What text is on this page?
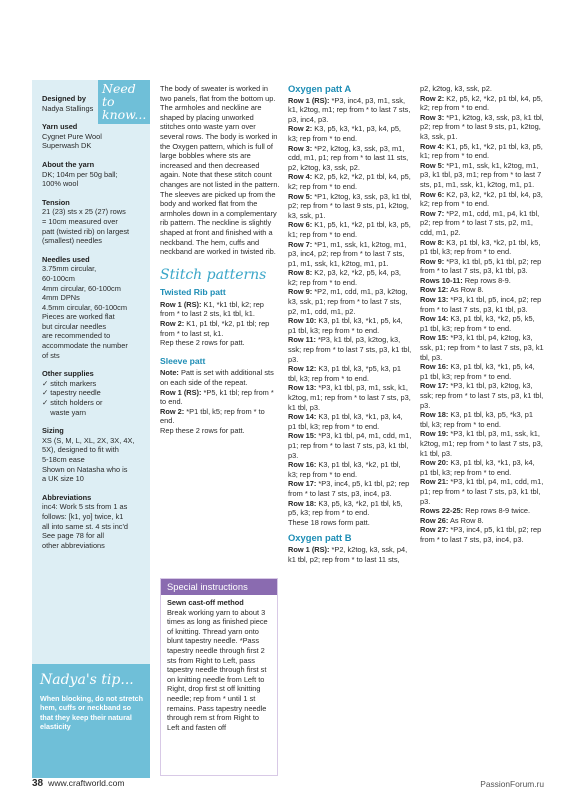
Need to know...
Designed by

Nadya Stallings

Yarn used

Cygnet Pure Wool

Superwash DK

About the yarn

DK; 104m per 50g ball;

100% wool

Tension

21 (23) sts x 25 (27) rows

= 10cm measured over

patt (twisted rib) on largest

(smallest) needles

Needles used

3.75mm circular,

60-100cm

4mm circular, 60-100cm

4mm DPNs

4.5mm circular, 60-100cm

Pieces are worked flat

but circular needles

are recommended to

accommodate the number

of sts

Other supplies

✓ stitch markers

✓ tapestry needle

✓ stitch holders or

waste yarn

Sizing

XS (S, M, L, XL, 2X, 3X, 4X,

5X), designed to fit with

5-18cm ease

Shown on Natasha who is

a UK size 10

Abbreviations

inc4: Work 5 sts from 1 as

follows: [k1, yo] twice, k1

all into same st. 4 sts inc'd

See page 78 for all

other abbreviations

Nadya's tip...
When blocking, do not stretch hem, cuffs or neckband so that they keep their natural elasticity

The body of sweater is worked in two panels, flat from the bottom up. The armholes and neckline are shaped by placing unworked stitches onto waste yarn over several rows. The body is worked in the Oxygen pattern, which is full of large bobbles where sts are increased and then decreased again. Note that these stitch count changes are not listed in the pattern. The sleeves are picked up from the body and worked flat from the armholes down in a complementary rib pattern. The neckline is slightly shaped at front and finished with a neckband. The hem, cuffs and neckband are worked in twisted rib.

Stitch patterns
Twisted Rib patt

Row 1 (RS): K1, *k1 tbl, k2; rep from * to last 2 sts, k1 tbl, k1.

Row 2: K1, p1 tbl, *k2, p1 tbl; rep from * to last st, k1.

Rep these 2 rows for patt.

Sleeve patt

Note: Patt is set with additional sts on each side of the repeat.

Row 1 (RS): *P5, k1 tbl; rep from * to end.

Row 2: *P1 tbl, k5; rep from * to end.

Rep these 2 rows for patt.

Special instructions
Sewn cast-off method
Break working yarn to about 3 times as long as finished piece of knitting. Thread yarn onto blunt tapestry needle. *Pass tapestry needle through first 2 sts from Right to Left, pass tapestry needle through first st on knitting needle from Left to Right, drop first st off knitting needle; rep from * until 1 st remains. Pass tapestry needle through rem st from Right to Left and fasten off
Oxygen patt A

Row 1 (RS): *P3, inc4, p3, m1, ssk, k1, k2tog, m1; rep from * to last 7 sts, p3, inc4, p3.

Row 2: K3, p5, k3, *k1, p3, k4, p5, k3; rep from * to end.

Row 3: *P2, k2tog, k3, ssk, p3, m1, cdd, m1, p1; rep from * to last 11 sts, p2, k2tog, k3, ssk, p2.

Row 4: K2, p5, k2, *k2, p1 tbl, k4, p5, k2; rep from * to end.

Row 5: *P1, k2tog, k3, ssk, p3, k1 tbl, p2; rep from * to last 9 sts, p1, k2tog, k3, ssk, p1.

Row 6: K1, p5, k1, *k2, p1 tbl, k3, p5, k1; rep from * to end.

Row 7: *P1, m1, ssk, k1, k2tog, m1, p3, inc4, p2; rep from * to last 7 sts, p1, m1, ssk, k1, k2tog, m1, p1.

Row 8: K2, p3, k2, *k2, p5, k4, p3, k2; rep from * to end.

Row 9: *P2, m1, cdd, m1, p3, k2tog, k3, ssk, p1; rep from * to last 7 sts, p2, m1, cdd, m1, p2.

Row 10: K3, p1 tbl, k3, *k1, p5, k4, p1 tbl, k3; rep from * to end.

Row 11: *P3, k1 tbl, p3, k2tog, k3, ssk; rep from * to last 7 sts, p3, k1 tbl, p3.

Row 12: K3, p1 tbl, k3, *p5, k3, p1 tbl, k3; rep from * to end.

Row 13: *P3, k1 tbl, p3, m1, ssk, k1, k2tog, m1; rep from * to last 7 sts, p3, k1 tbl, p3.

Row 14: K3, p1 tbl, k3, *k1, p3, k4, p1 tbl, k3; rep from * to end.

Row 15: *P3, k1 tbl, p4, m1, cdd, m1, p1; rep from * to last 7 sts, p3, k1 tbl, p3.

Row 16: K3, p1 tbl, k3, *k2, p1 tbl, k3; rep from * to end.

Row 17: *P3, inc4, p5, k1 tbl, p2; rep from * to last 7 sts, p3, inc4, p3.

Row 18: K3, p5, k3, *k2, p1 tbl, k5, p5, k3; rep from * to end.

These 18 rows form patt.

Oxygen patt B

Row 1 (RS): *P2, k2tog, k3, ssk, p4, k1 tbl, p2; rep from * to last 11 sts,

p2, k2tog, k3, ssk, p2.

Row 2: K2, p5, k2, *k2, p1 tbl, k4, p5, k2; rep from * to end.

Row 3: *P1, k2tog, k3, ssk, p3, k1 tbl, p2; rep from * to last 9 sts, p1, k2tog, k3, ssk, p1.

Row 4: K1, p5, k1, *k2, p1 tbl, k3, p5, k1; rep from * to end.

Row 5: *P1, m1, ssk, k1, k2tog, m1, p3, k1 tbl, p3, m1; rep from * to last 7 sts, p1, m1, ssk, k1, k2tog, m1, p1.

Row 6: K2, p3, k2, *k2, p1 tbl, k4, p3, k2; rep from * to end.

Row 7: *P2, m1, cdd, m1, p4, k1 tbl, p2; rep from * to last 7 sts, p2, m1, cdd, m1, p2.

Row 8: K3, p1 tbl, k3, *k2, p1 tbl, k5, p1 tbl, k3; rep from * to end.

Row 9: *P3, k1 tbl, p5, k1 tbl, p2; rep from * to last 7 sts, p3, k1 tbl, p3.

Rows 10-11: Rep rows 8-9.

Row 12: As Row 8.

Row 13: *P3, k1 tbl, p5, inc4, p2; rep from * to last 7 sts, p3, k1 tbl, p3.

Row 14: K3, p1 tbl, k3, *k2, p5, k5, p1 tbl, k3; rep from * to end.

Row 15: *P3, k1 tbl, p4, k2tog, k3, ssk, p1; rep from * to last 7 sts, p3, k1 tbl, p3.

Row 16: K3, p1 tbl, k3, *k1, p5, k4, p1 tbl, k3; rep from * to end.

Row 17: *P3, k1 tbl, p3, k2tog, k3, ssk; rep from * to last 7 sts, p3, k1 tbl, p3.

Row 18: K3, p1 tbl, k3, p5, *k3, p1 tbl, k3; rep from * to end.

Row 19: *P3, k1 tbl, p3, m1, ssk, k1, k2tog, m1; rep from * to last 7 sts, p3, k1 tbl, p3.

Row 20: K3, p1 tbl, k3, *k1, p3, k4, p1 tbl, k3; rep from * to end.

Row 21: *P3, k1 tbl, p4, m1, cdd, m1, p1; rep from * to last 7 sts, p3, k1 tbl, p3.

Rows 22-25: Rep rows 8-9 twice.

Row 26: As Row 8.

Row 27: *P3, inc4, p5, k1 tbl, p2; rep from * to last 7 sts, p3, inc4, p3.

38 www.craftworld.com	PassionForum.ru
